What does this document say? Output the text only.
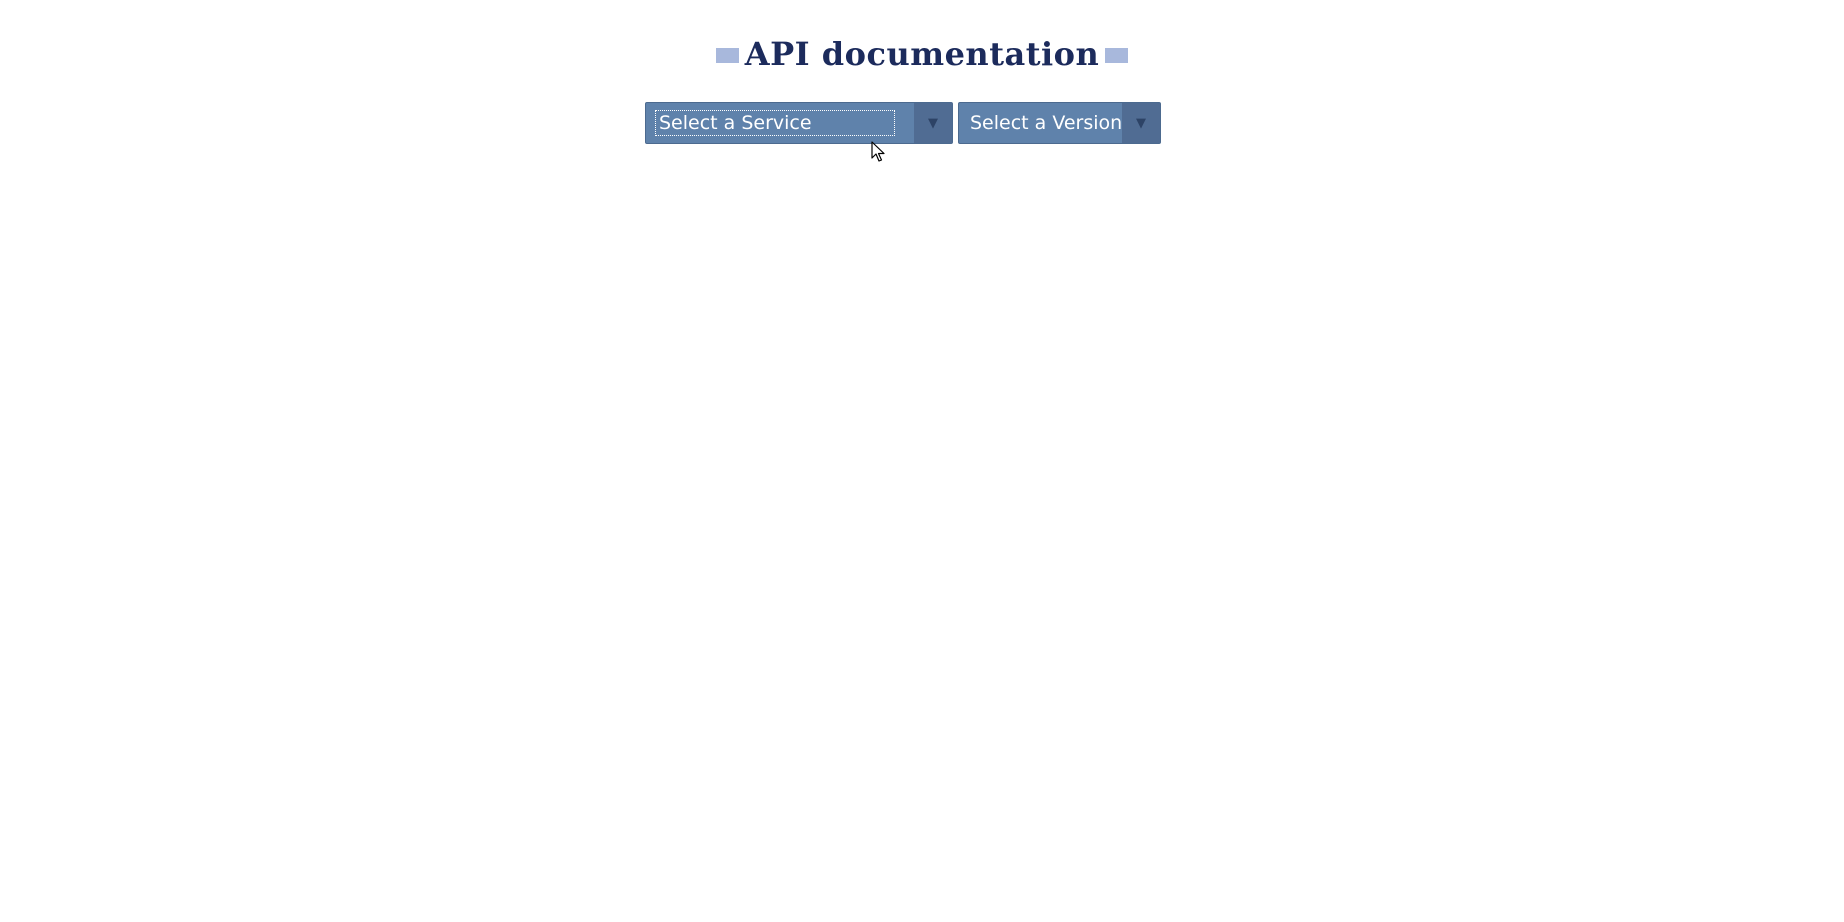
API documentation
Select a Service	▼	Select a Version	▼
